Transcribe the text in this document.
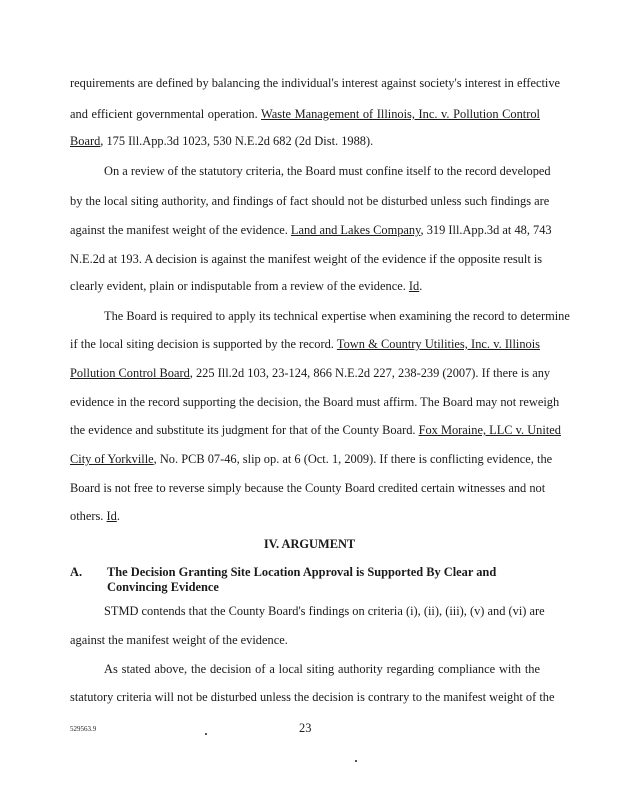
requirements are defined by balancing the individual's interest against society's interest in effective
and efficient governmental operation. Waste Management of Illinois, Inc. v. Pollution Control
Board, 175 Ill.App.3d 1023, 530 N.E.2d 682 (2d Dist. 1988).
On a review of the statutory criteria, the Board must confine itself to the record developed
by the local siting authority, and findings of fact should not be disturbed unless such findings are
against the manifest weight of the evidence. Land and Lakes Company, 319 Ill.App.3d at 48, 743
N.E.2d at 193. A decision is against the manifest weight of the evidence if the opposite result is
clearly evident, plain or indisputable from a review of the evidence. Id.
The Board is required to apply its technical expertise when examining the record to determine
if the local siting decision is supported by the record. Town & Country Utilities, Inc. v. Illinois
Pollution Control Board, 225 Ill.2d 103, 23-124, 866 N.E.2d 227, 238-239 (2007). If there is any
evidence in the record supporting the decision, the Board must affirm. The Board may not reweigh
the evidence and substitute its judgment for that of the County Board. Fox Moraine, LLC v. United
City of Yorkville, No. PCB 07-46, slip op. at 6 (Oct. 1, 2009). If there is conflicting evidence, the
Board is not free to reverse simply because the County Board credited certain witnesses and not
others. Id.
IV. ARGUMENT
A. The Decision Granting Site Location Approval is Supported By Clear and
Convincing Evidence
STMD contends that the County Board's findings on criteria (i), (ii), (iii), (v) and (vi) are
against the manifest weight of the evidence.
As stated above, the decision of a local siting authority regarding compliance with the
statutory criteria will not be disturbed unless the decision is contrary to the manifest weight of the
529563.9	23
